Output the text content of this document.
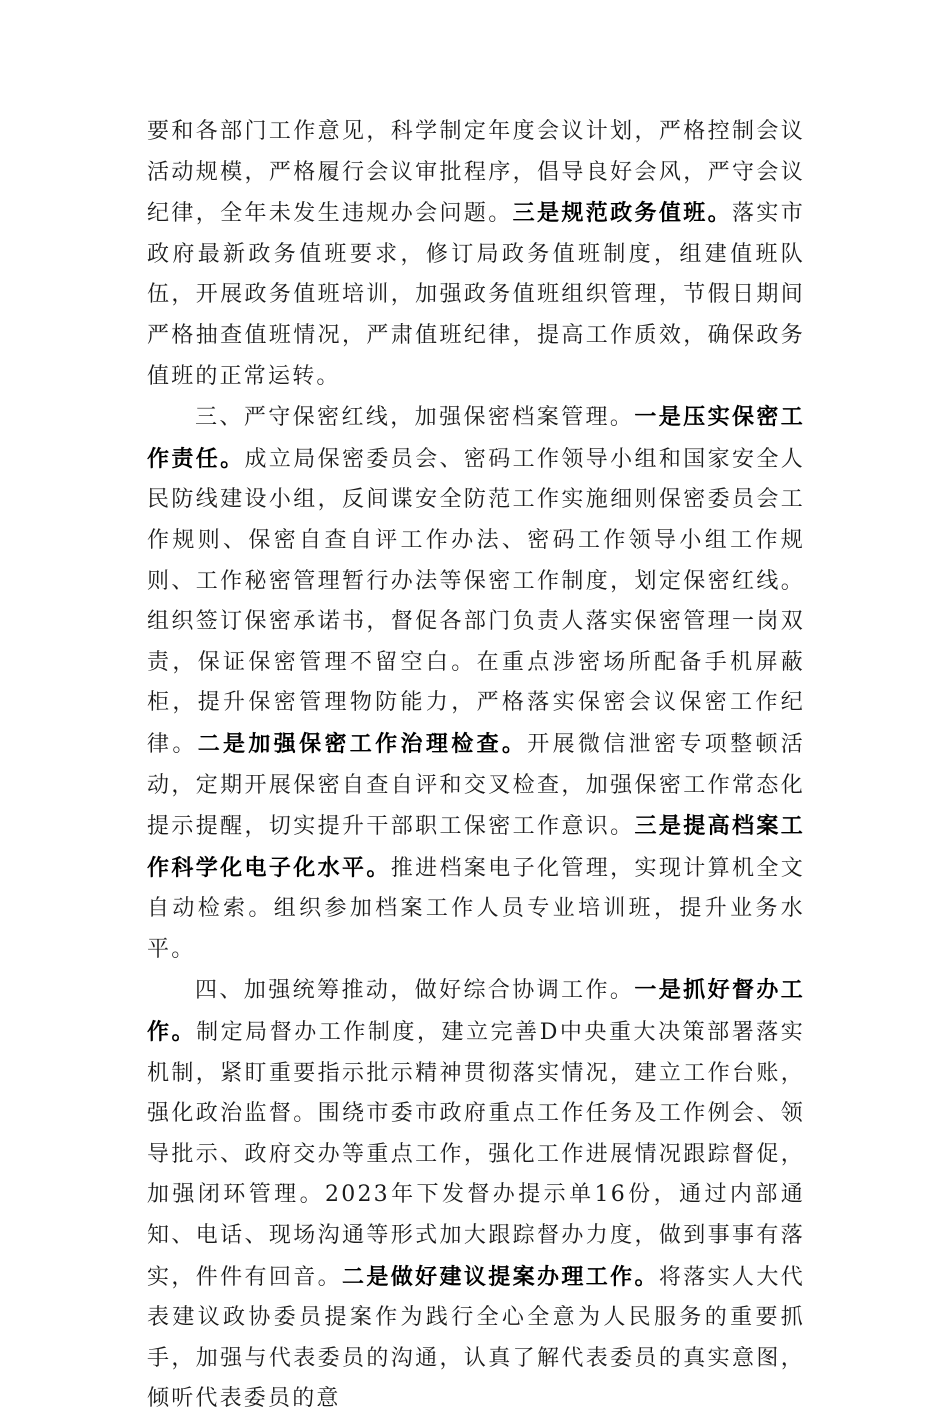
要和各部门工作意见，科学制定年度会议计划，严格控制会议活动规模，严格履行会议审批程序，倡导良好会风，严守会议纪律，全年未发生违规办会问题。三是规范政务值班。落实市政府最新政务值班要求，修订局政务值班制度，组建值班队伍，开展政务值班培训，加强政务值班组织管理，节假日期间严格抽查值班情况，严肃值班纪律，提高工作质效，确保政务值班的正常运转。

三、严守保密红线，加强保密档案管理。一是压实保密工作责任。成立局保密委员会、密码工作领导小组和国家安全人民防线建设小组，反间谍安全防范工作实施细则保密委员会工作规则、保密自查自评工作办法、密码工作领导小组工作规则、工作秘密管理暂行办法等保密工作制度，划定保密红线。组织签订保密承诺书，督促各部门负责人落实保密管理一岗双责，保证保密管理不留空白。在重点涉密场所配备手机屏蔽柜，提升保密管理物防能力，严格落实保密会议保密工作纪律。二是加强保密工作治理检查。开展微信泄密专项整顿活动，定期开展保密自查自评和交叉检查，加强保密工作常态化提示提醒，切实提升干部职工保密工作意识。三是提高档案工作科学化电子化水平。推进档案电子化管理，实现计算机全文自动检索。组织参加档案工作人员专业培训班，提升业务水平。

四、加强统筹推动，做好综合协调工作。一是抓好督办工作。制定局督办工作制度，建立完善D中央重大决策部署落实机制，紧盯重要指示批示精神贯彻落实情况，建立工作台账，强化政治监督。围绕市委市政府重点工作任务及工作例会、领导批示、政府交办等重点工作，强化工作进展情况跟踪督促，加强闭环管理。2023年下发督办提示单16份，通过内部通知、电话、现场沟通等形式加大跟踪督办力度，做到事事有落实，件件有回音。二是做好建议提案办理工作。将落实人大代表建议政协委员提案作为践行全心全意为人民服务的重要抓手，加强与代表委员的沟通，认真了解代表委员的真实意图，倾听代表委员的意
